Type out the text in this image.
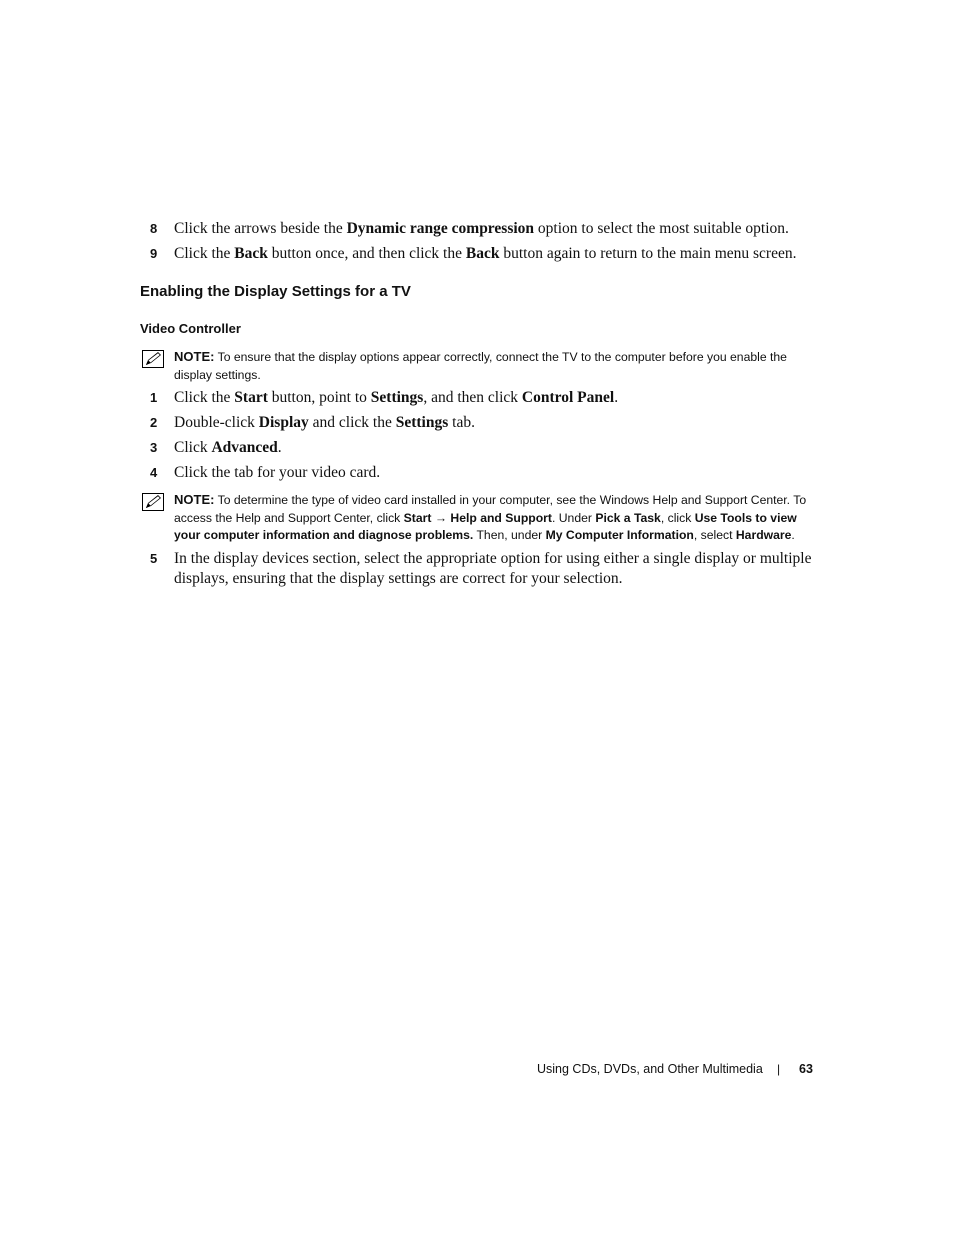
8	Click the arrows beside the Dynamic range compression option to select the most suitable option.
9	Click the Back button once, and then click the Back button again to return to the main menu screen.
Enabling the Display Settings for a TV
Video Controller
NOTE: To ensure that the display options appear correctly, connect the TV to the computer before you enable the display settings.
1	Click the Start button, point to Settings, and then click Control Panel.
2	Double-click Display and click the Settings tab.
3	Click Advanced.
4	Click the tab for your video card.
NOTE: To determine the type of video card installed in your computer, see the Windows Help and Support Center. To access the Help and Support Center, click Start → Help and Support. Under Pick a Task, click Use Tools to view your computer information and diagnose problems. Then, under My Computer Information, select Hardware.
5	In the display devices section, select the appropriate option for using either a single display or multiple displays, ensuring that the display settings are correct for your selection.
Using CDs, DVDs, and Other Multimedia | 63
